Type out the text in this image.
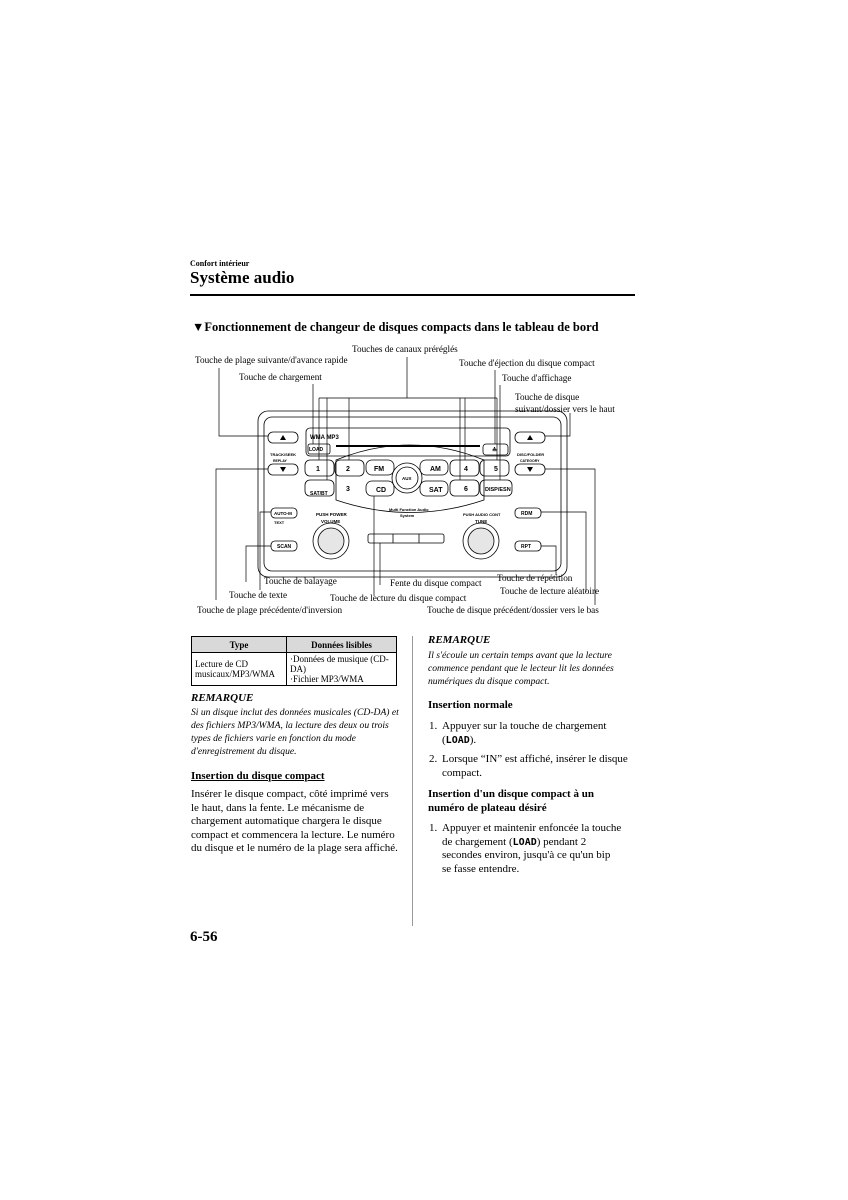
Confort intérieur
Système audio
▼Fonctionnement de changeur de disques compacts dans le tableau de bord
WMA MP3
LOAD	≙
1	2
3
4	5
6
FM	AM
CD	SAT
AUX
DISP/ESN
SAT/BT
TRACK/SEEK
REPLAY
DISC/FOLDER
CATEGORY
AUTO-M
TEXT
SCAN
RDM
RPT
PUSH POWER
VOLUME
PUSH AUDIO CONT
TUNE
Multi Function Audio
System
Touches de canaux préréglés
Touche de plage suivante/d'avance rapide	Touche d'éjection du disque compact
Touche de chargement	Touche d'affichage
Touche de disque suivant/dossier vers le haut
Touche de balayage	Touche de répétition
Fente du disque compact
Touche de lecture aléatoire
Touche de texte	Touche de lecture du disque compact
Touche de plage précédente/d'inversion	Touche de disque précédent/dossier vers le bas
Type	Données lisibles
Lecture de CD musicaux/MP3/WMA	·Données de musique (CD-DA)
·Fichier MP3/WMA
REMARQUE
Si un disque inclut des données musicales (CD-DA) et des fichiers MP3/WMA, la lecture des deux ou trois types de fichiers varie en fonction du mode d'enregistrement du disque.
Insertion du disque compact
Insérer le disque compact, côté imprimé vers le haut, dans la fente. Le mécanisme de chargement automatique chargera le disque compact et commencera la lecture. Le numéro du disque et le numéro de la plage sera affiché.
REMARQUE
Il s'écoule un certain temps avant que la lecture commence pendant que le lecteur lit les données numériques du disque compact.
Insertion normale
1. Appuyer sur la touche de chargement (LOAD).
2. Lorsque “IN” est affiché, insérer le disque compact.
Insertion d'un disque compact à un numéro de plateau désiré
1. Appuyer et maintenir enfoncée la touche de chargement (LOAD) pendant 2 secondes environ, jusqu'à ce qu'un bip se fasse entendre.
6-56
